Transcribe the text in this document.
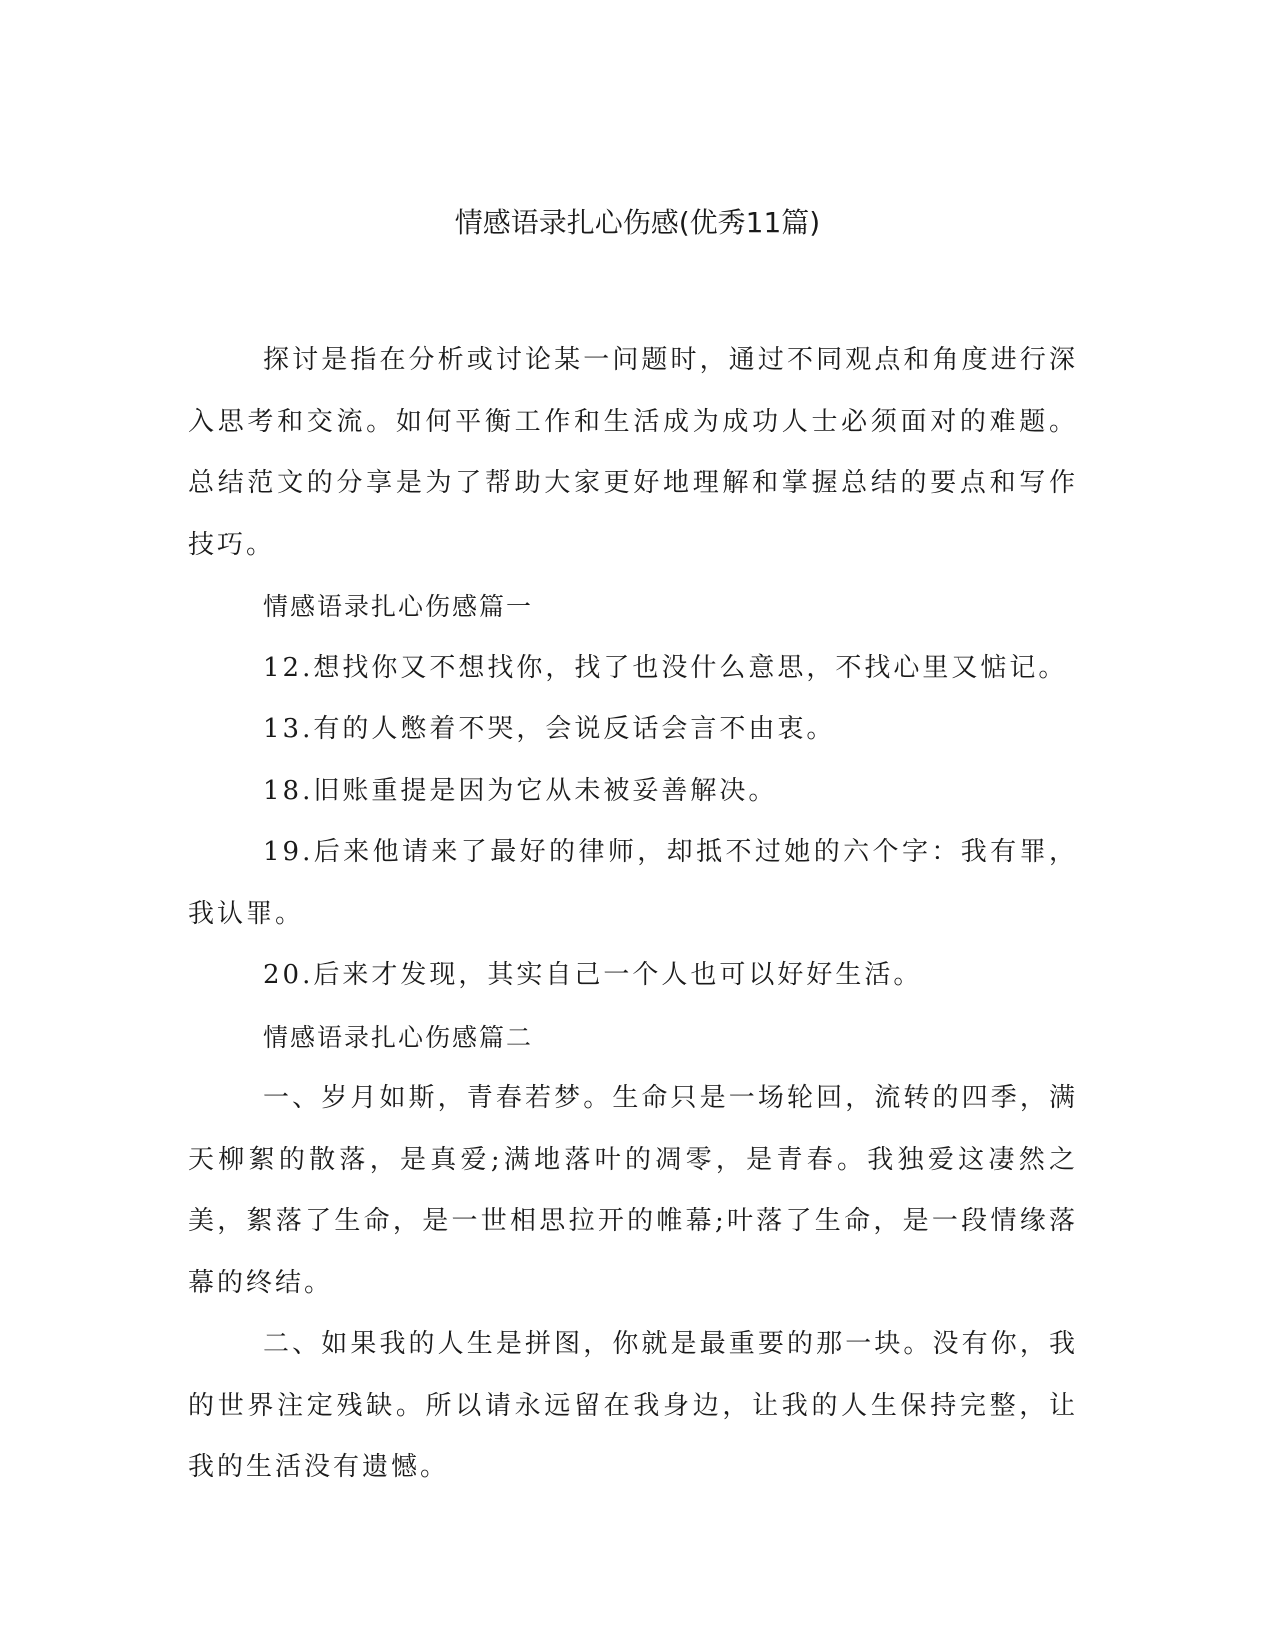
情感语录扎心伤感(优秀11篇)

探讨是指在分析或讨论某一问题时，通过不同观点和角度进行深入思考和交流。如何平衡工作和生活成为成功人士必须面对的难题。总结范文的分享是为了帮助大家更好地理解和掌握总结的要点和写作技巧。

情感语录扎心伤感篇一

12.想找你又不想找你，找了也没什么意思，不找心里又惦记。

13.有的人憋着不哭，会说反话会言不由衷。

18.旧账重提是因为它从未被妥善解决。

19.后来他请来了最好的律师，却抵不过她的六个字：我有罪，我认罪。

20.后来才发现，其实自己一个人也可以好好生活。

情感语录扎心伤感篇二

一、岁月如斯，青春若梦。生命只是一场轮回，流转的四季，满天柳絮的散落，是真爱;满地落叶的凋零，是青春。我独爱这凄然之美，絮落了生命，是一世相思拉开的帷幕;叶落了生命，是一段情缘落幕的终结。

二、如果我的人生是拼图，你就是最重要的那一块。没有你，我的世界注定残缺。所以请永远留在我身边，让我的人生保持完整，让我的生活没有遗憾。
